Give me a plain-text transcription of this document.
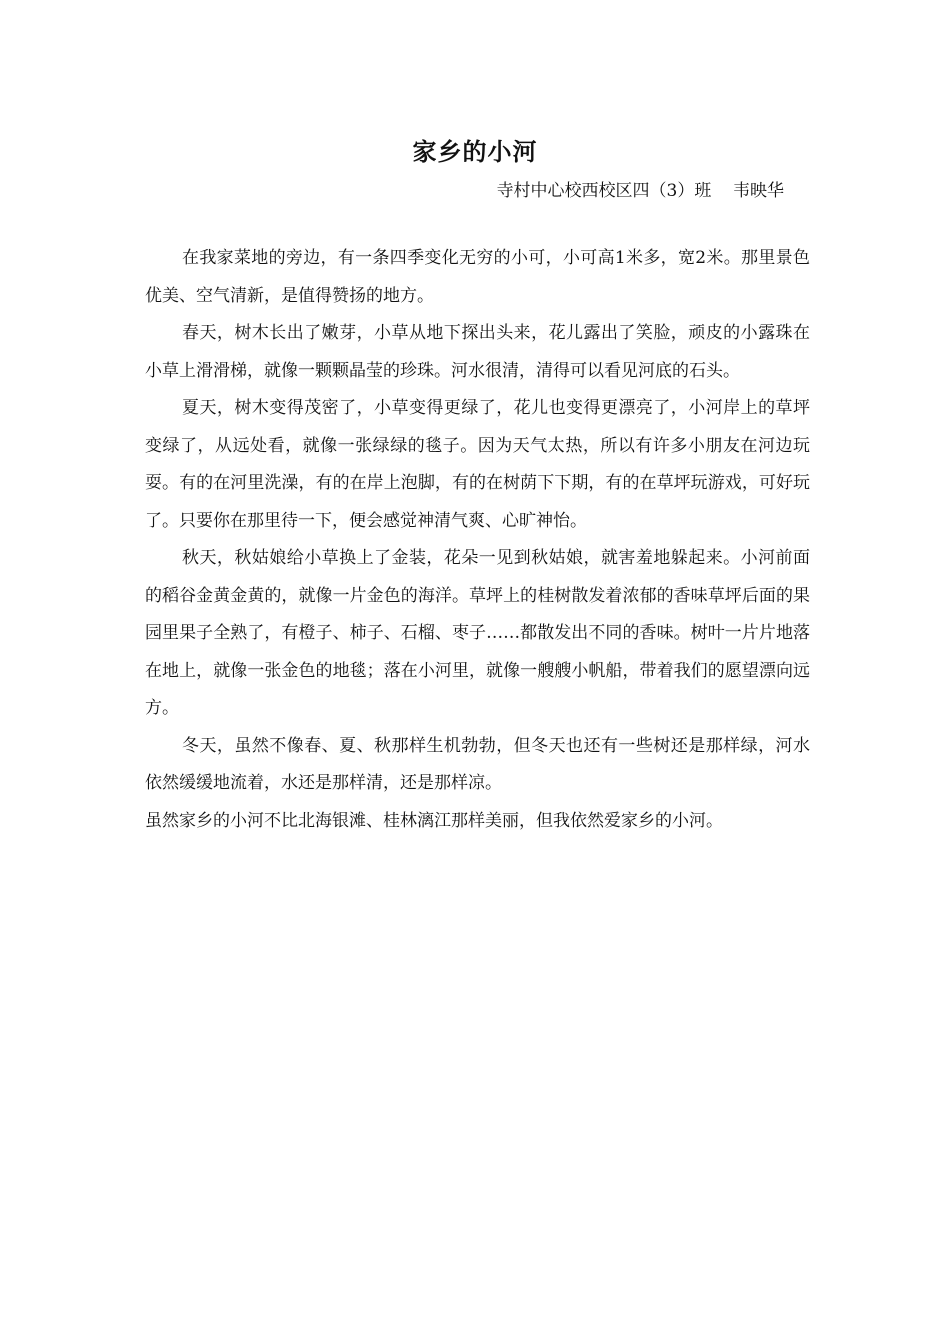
家乡的小河
寺村中心校西校区四（3）班    韦映华

在我家菜地的旁边，有一条四季变化无穷的小可，小可高1米多，宽2米。那里景色优美、空气清新，是值得赞扬的地方。

春天，树木长出了嫩芽，小草从地下探出头来，花儿露出了笑脸，顽皮的小露珠在小草上滑滑梯，就像一颗颗晶莹的珍珠。河水很清，清得可以看见河底的石头。

夏天，树木变得茂密了，小草变得更绿了，花儿也变得更漂亮了，小河岸上的草坪变绿了，从远处看，就像一张绿绿的毯子。因为天气太热，所以有许多小朋友在河边玩耍。有的在河里洗澡，有的在岸上泡脚，有的在树荫下下期，有的在草坪玩游戏，可好玩了。只要你在那里待一下，便会感觉神清气爽、心旷神怡。

秋天，秋姑娘给小草换上了金装，花朵一见到秋姑娘，就害羞地躲起来。小河前面的稻谷金黄金黄的，就像一片金色的海洋。草坪上的桂树散发着浓郁的香味草坪后面的果园里果子全熟了，有橙子、柿子、石榴、枣子……都散发出不同的香味。树叶一片片地落在地上，就像一张金色的地毯；落在小河里，就像一艘艘小帆船，带着我们的愿望漂向远方。

冬天，虽然不像春、夏、秋那样生机勃勃，但冬天也还有一些树还是那样绿，河水依然缓缓地流着，水还是那样清，还是那样凉。

虽然家乡的小河不比北海银滩、桂林漓江那样美丽，但我依然爱家乡的小河。
